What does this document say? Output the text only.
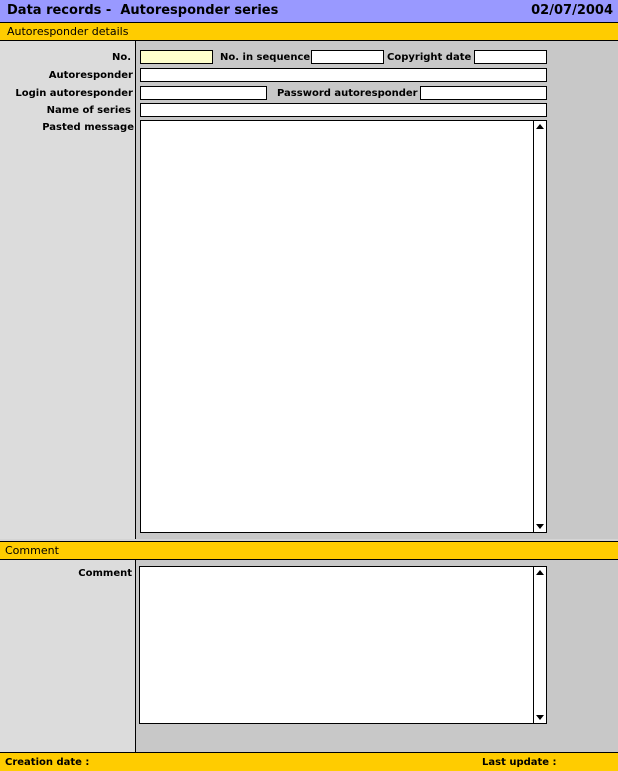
Data records -  Autoresponder series	02/07/2004
Autoresponder details
No.	No. in sequence	Copyright date
Autoresponder
Login autoresponder	Password autoresponder
Name of series
Pasted message
Comment
Comment
Creation date :	Last update :
